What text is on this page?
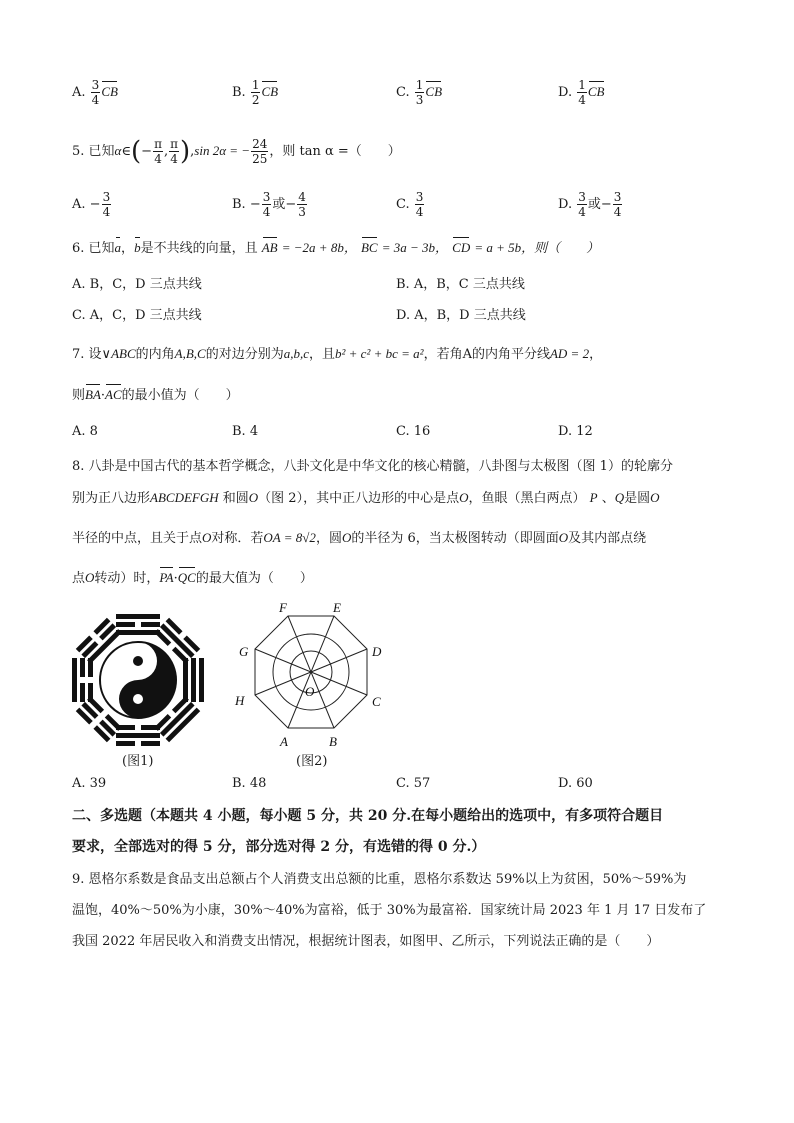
A. $\frac{3}{4}$ CB	B. $\frac{1}{2}$ CB	C. $\frac{1}{3}$ CB	D. $\frac{1}{4}$ CB
5. 已知α∈(− $\frac{\pi}{4}$ , $\frac{\pi}{4} ),\sin$ 2α = − $\frac{24}{25}$ ，则 tan α =（　　）
A. − $\frac{3}{4}$	B. − $\frac{3}{4}$ 或− $\frac{4}{3}$	C. $\frac{3}{4}$	D. $\frac{3}{4}$ 或− $\frac{3}{4}$
6. 已知a，b是不共线的向量，且 AB = −2a + 8b， BC = 3a − 3b， CD = a + 5b，则（　　）
A. B，C，D 三点共线	B. A，B，C 三点共线
C. A，C，D 三点共线	D. A，B，D 三点共线
7. 设∨ABC的内角A,B,C的对边分别为a,b,c，且b² + c² + bc = a²，若角A的内角平分线AD = 2，
则BA·AC的最小值为（　　）
A. 8	B. 4	C. 16	D. 12
8. 八卦是中国古代的基本哲学概念，八卦文化是中华文化的核心精髓，八卦图与太极图（图 1）的轮廓分
别为正八边形ABCDEFGH 和圆O（图 2），其中正八边形的中心是点O，鱼眼（黑白两点） P 、Q是圆O
半径的中点，且关于点O对称．若OA = 8√2，圆O的半径为 6，当太极图转动（即圆面O及其内部点绕
点O转动）时，PA·QC的最大值为（　　）
(图1)
F	E
G	D
H	C
A	B
O
(图2)
A. 39	B. 48	C. 57	D. 60
二、多选题（本题共 4 小题，每小题 5 分，共 20 分.在每小题给出的选项中，有多项符合题目
要求，全部选对的得 5 分，部分选对得 2 分，有选错的得 0 分.）
9. 恩格尔系数是食品支出总额占个人消费支出总额的比重，恩格尔系数达 59%以上为贫困，50%～59%为
温饱，40%～50%为小康，30%～40%为富裕，低于 30%为最富裕．国家统计局 2023 年 1 月 17 日发布了
我国 2022 年居民收入和消费支出情况，根据统计图表，如图甲、乙所示，下列说法正确的是（　　）
